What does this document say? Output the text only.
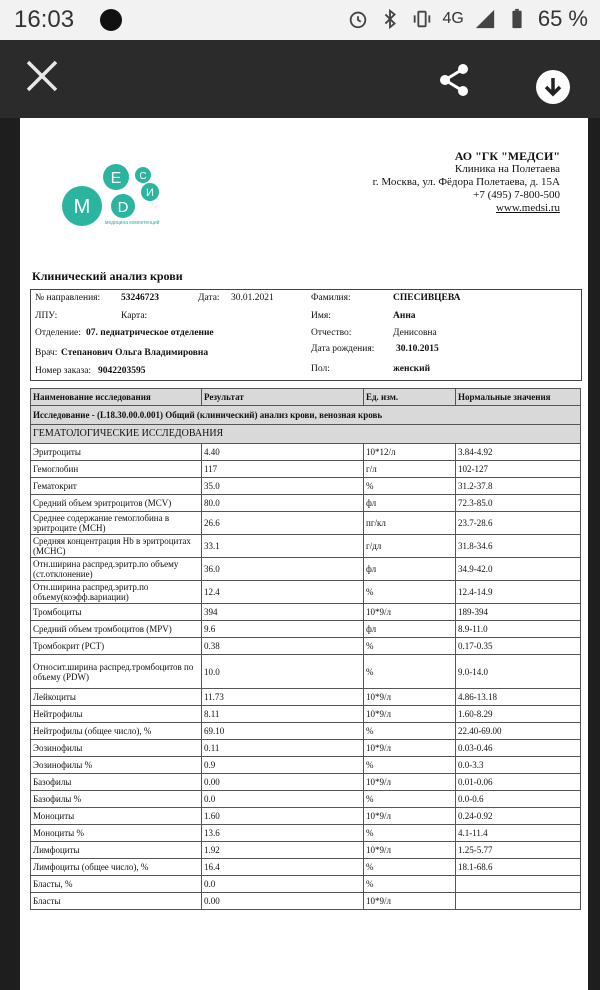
16:03	4G	65 %
M
E
D
C
И
медицина компетенций
АО "ГК "МЕДСИ"
Клиника на Полетаева
г. Москва, ул. Фёдора Полетаева, д. 15А
+7 (495) 7-800-500
www.medsi.ru
Клинический анализ крови
№ направления: 53246723	Дата: 30.01.2021	Фамилия:	СПЕСИВЦЕВА
ЛПУ:	Карта:	Имя:	Анна
Отделение: 07. педиатрическое отделение	Отчество:	Денисовна
Врач: Степанович Ольга Владимировна	Дата рождения: 30.10.2015
Номер заказа: 9042203595	Пол:	женский
Наименование исследования	Результат	Ед. изм.	Нормальные значения
Исследование - (L18.30.00.0.001) Общий (клинический) анализ крови, венозная кровь			
ГЕМАТОЛОГИЧЕСКИЕ ИССЛЕДОВАНИЯ			
Эритроциты	4.40	10*12/л	3.84-4.92
Гемоглобин	117	г/л	102-127
Гематокрит	35.0	%	31.2-37.8
Средний объем эритроцитов (MCV)	80.0	фл	72.3-85.0
Среднее содержание гемоглобина в эритроците (MCH)	26.6	пг/кл	23.7-28.6
Средняя концентрация Hb в эритроцитах (MCHC)	33.1	г/дл	31.8-34.6
Отн.ширина распред.эритр.по объему (ст.отклонение)	36.0	фл	34.9-42.0
Отн.ширина распред.эритр.по объему(коэфф.вариации)	12.4	%	12.4-14.9
Тромбоциты	394	10*9/л	189-394
Средний объем тромбоцитов (MPV)	9.6	фл	8.9-11.0
Тромбокрит (PCT)	0.38	%	0.17-0.35
Относит.ширина распред.тромбоцитов по объему (PDW)	10.0	%	9.0-14.0
Лейкоциты	11.73	10*9/л	4.86-13.18
Нейтрофилы	8.11	10*9/л	1.60-8.29
Нейтрофилы (общее число), %	69.10	%	22.40-69.00
Эозинофилы	0.11	10*9/л	0.03-0.46
Эозинофилы %	0.9	%	0.0-3.3
Базофилы	0.00	10*9/л	0.01-0.06
Базофилы %	0.0	%	0.0-0.6
Моноциты	1.60	10*9/л	0.24-0.92
Моноциты %	13.6	%	4.1-11.4
Лимфоциты	1.92	10*9/л	1.25-5.77
Лимфоциты (общее число), %	16.4	%	18.1-68.6
Бласты, %	0.0	%	
Бласты	0.00	10*9/л	
